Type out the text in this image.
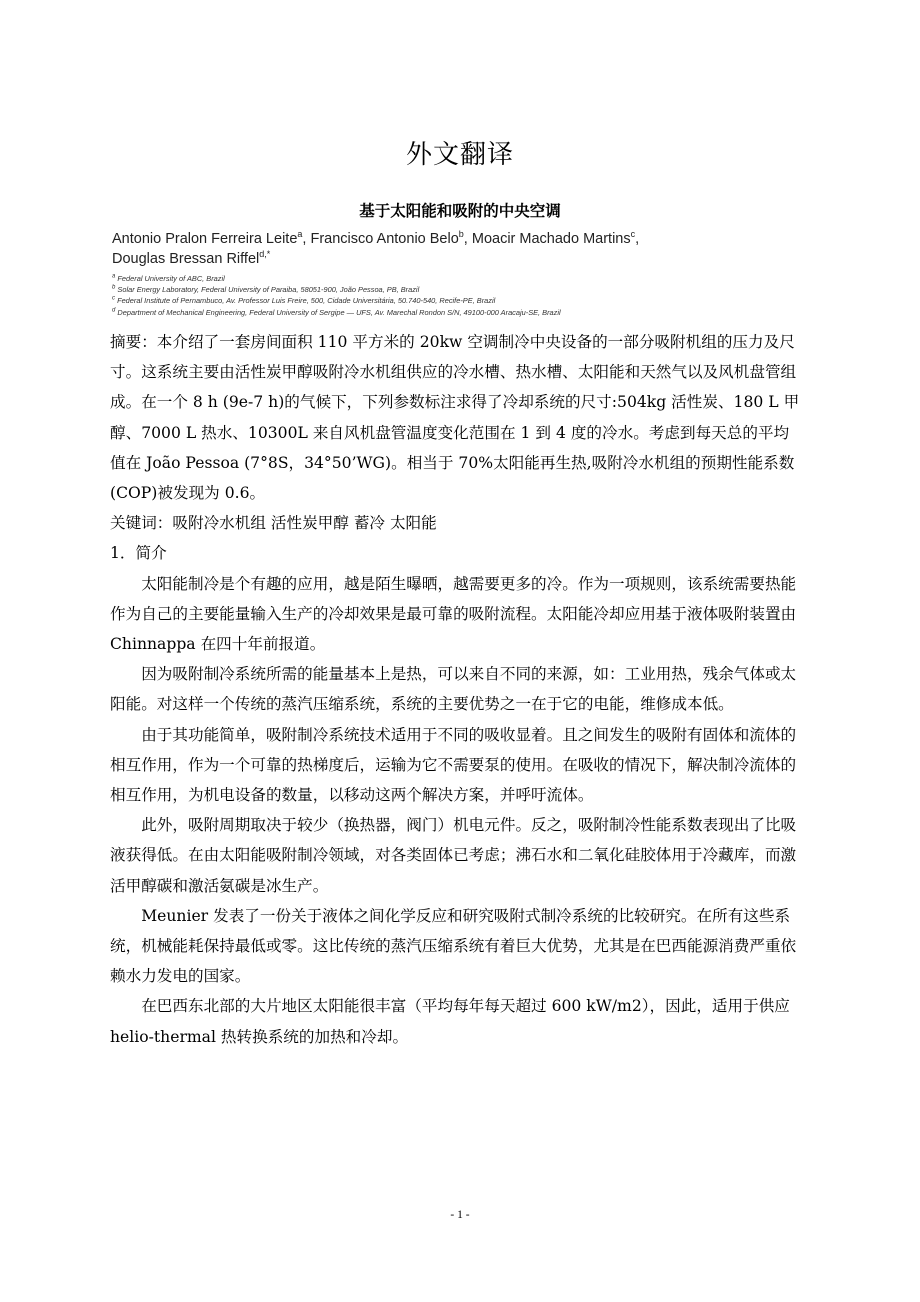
外文翻译
基于太阳能和吸附的中央空调
Antonio Pralon Ferreira Leite$^a$, Francisco Antonio Belo$^b$, Moacir Machado Martins$^c$,
Douglas Bressan Riffel$^{d,*}$
$^a$ Federal University of ABC, Brazil
$^b$ Solar Energy Laboratory, Federal University of Paraiba, 58051-900, João Pessoa, PB, Brazil
$^c$ Federal Institute of Pernambuco, Av. Professor Luis Freire, 500, Cidade Universitária, 50.740-540, Recife-PE, Brazil
$^d$ Department of Mechanical Engineering, Federal University of Sergipe — UFS, Av. Marechal Rondon S/N, 49100-000 Aracaju-SE, Brazil

摘要：本介绍了一套房间面积 110 平方米的 20kw 空调制冷中央设备的一部分吸附机组的压力及尺寸。这系统主要由活性炭甲醇吸附冷水机组供应的冷水槽、热水槽、太阳能和天然气以及风机盘管组成。在一个 8 h (9e-7 h)的气候下，下列参数标注求得了冷却系统的尺寸:504kg 活性炭、180 L 甲醇、7000 L 热水、10300L 来自风机盘管温度变化范围在 1 到 4 度的冷水。考虑到每天总的平均值在 João Pessoa (7°8S，34°50’WG)。相当于 70%太阳能再生热,吸附冷水机组的预期性能系数(COP)被发现为 0.6。

关键词：吸附冷水机组 活性炭甲醇 蓄冷 太阳能

1．简介

太阳能制冷是个有趣的应用，越是陌生曝晒，越需要更多的冷。作为一项规则，该系统需要热能作为自己的主要能量输入生产的冷却效果是最可靠的吸附流程。太阳能冷却应用基于液体吸附装置由 Chinnappa 在四十年前报道。

因为吸附制冷系统所需的能量基本上是热，可以来自不同的来源，如：工业用热，残余气体或太阳能。对这样一个传统的蒸汽压缩系统，系统的主要优势之一在于它的电能，维修成本低。

由于其功能简单，吸附制冷系统技术适用于不同的吸收显着。且之间发生的吸附有固体和流体的相互作用，作为一个可靠的热梯度后，运输为它不需要泵的使用。在吸收的情况下，解决制冷流体的相互作用，为机电设备的数量，以移动这两个解决方案，并呼吁流体。

此外，吸附周期取决于较少（换热器，阀门）机电元件。反之，吸附制冷性能系数表现出了比吸液获得低。在由太阳能吸附制冷领域，对各类固体已考虑；沸石水和二氧化硅胶体用于冷藏库，而激活甲醇碳和激活氨碳是冰生产。

Meunier 发表了一份关于液体之间化学反应和研究吸附式制冷系统的比较研究。在所有这些系统，机械能耗保持最低或零。这比传统的蒸汽压缩系统有着巨大优势，尤其是在巴西能源消费严重依赖水力发电的国家。

在巴西东北部的大片地区太阳能很丰富（平均每年每天超过 600 kW/m2），因此，适用于供应 helio-thermal 热转换系统的加热和冷却。

- 1 -
